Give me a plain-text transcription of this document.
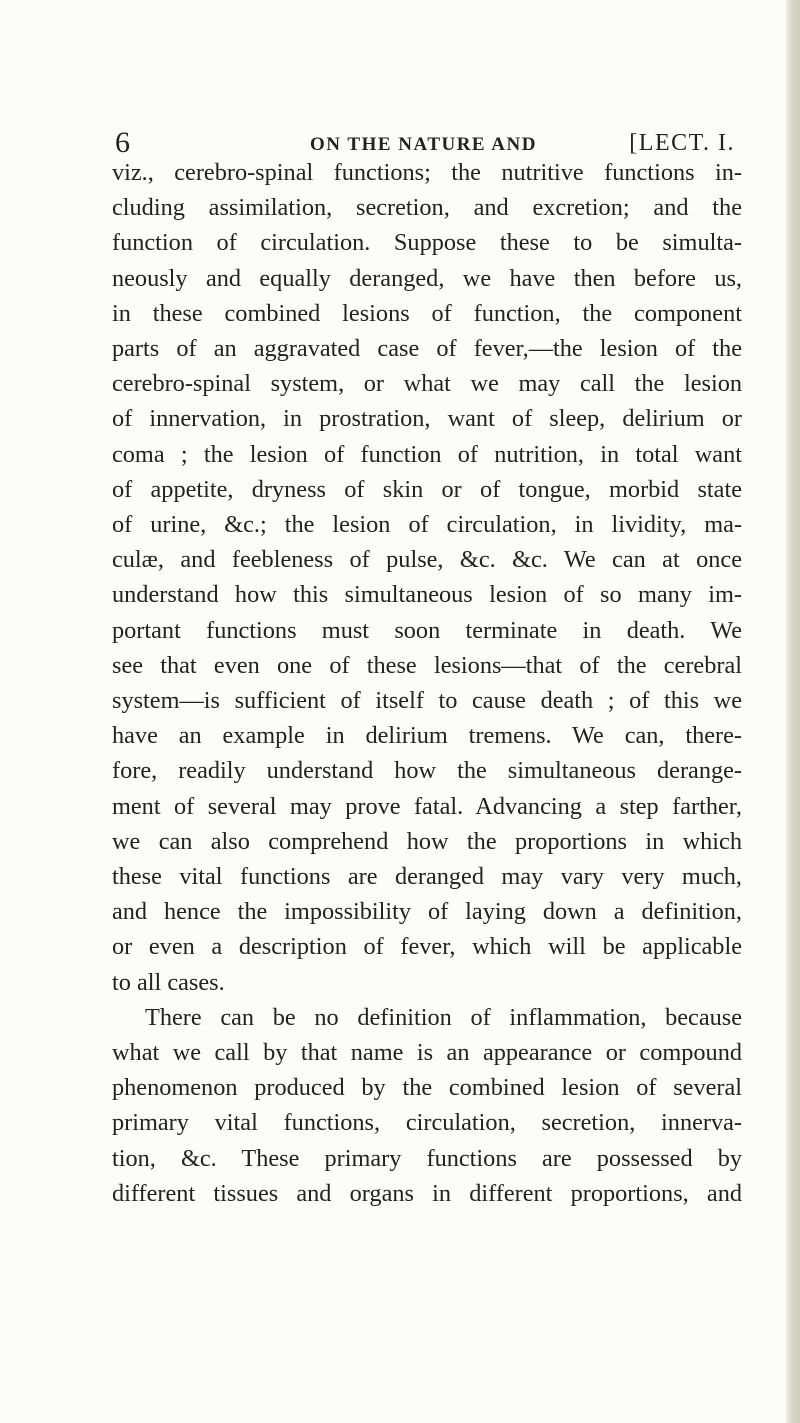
6	ON THE NATURE AND	[LECT. I.
viz., cerebro-spinal functions; the nutritive functions in-
cluding assimilation, secretion, and excretion; and the
function of circulation. Suppose these to be simulta-
neously and equally deranged, we have then before us,
in these combined lesions of function, the component
parts of an aggravated case of fever,—the lesion of the
cerebro-spinal system, or what we may call the lesion
of innervation, in prostration, want of sleep, delirium or
coma ; the lesion of function of nutrition, in total want
of appetite, dryness of skin or of tongue, morbid state
of urine, &c.; the lesion of circulation, in lividity, ma-
culæ, and feebleness of pulse, &c. &c. We can at once
understand how this simultaneous lesion of so many im-
portant functions must soon terminate in death. We
see that even one of these lesions—that of the cerebral
system—is sufficient of itself to cause death ; of this we
have an example in delirium tremens. We can, there-
fore, readily understand how the simultaneous derange-
ment of several may prove fatal. Advancing a step farther,
we can also comprehend how the proportions in which
these vital functions are deranged may vary very much,
and hence the impossibility of laying down a definition,
or even a description of fever, which will be applicable
to all cases.
There can be no definition of inflammation, because
what we call by that name is an appearance or compound
phenomenon produced by the combined lesion of several
primary vital functions, circulation, secretion, innerva-
tion, &c. These primary functions are possessed by
different tissues and organs in different proportions, and
